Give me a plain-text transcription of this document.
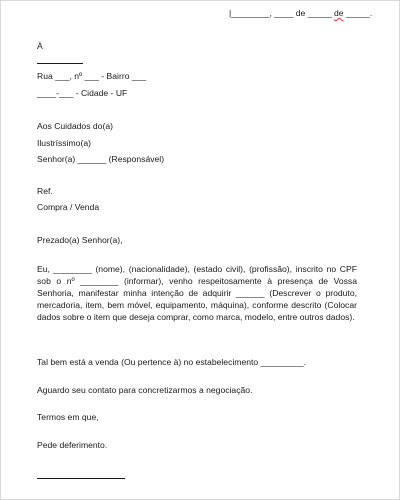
|________, ____ de _____ de _____.
À
Rua ___, nº ___ - Bairro ___
____-___ - Cidade - UF
Aos Cuidados do(a)
Ilustríssimo(a)
Senhor(a) ______ (Responsável)
Ref.
Compra / Venda
Prezado(a) Senhor(a),
Eu, ________ (nome), (nacionalidade), (estado civil), (profissão), inscrito no CPF sob o nº ________ (informar), venho respeitosamente à presença de Vossa Senhoria, manifestar minha intenção de adquirir ______ (Descrever o produto, mercadoria, item, bem móvel, equipamento, máquina), conforme descrito (Colocar dados sobre o item que deseja comprar, como marca, modelo, entre outros dados).
Tal bem está a venda (Ou pertence à) no estabelecimento _________.
Aguardo seu contato para concretizarmos a negociação.
Termos em que,
Pede deferimento.
